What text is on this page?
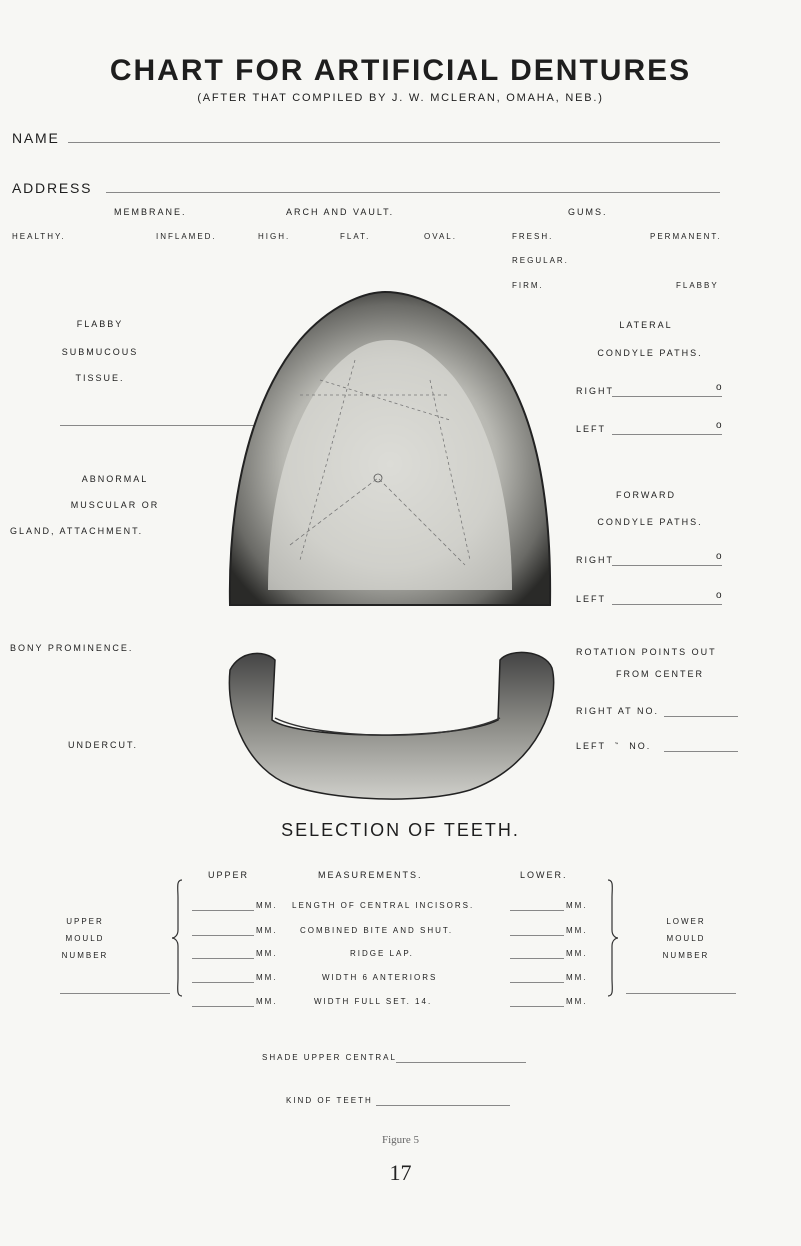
CHART FOR ARTIFICIAL DENTURES
(AFTER THAT COMPILED BY J. W. MCLERAN, OMAHA, NEB.)
NAME
ADDRESS
MEMBRANE.	ARCH AND VAULT.	GUMS.
HEALTHY.	INFLAMED.	HIGH.	FLAT.	OVAL.	FRESH.	PERMANENT.
REGULAR.
FIRM.	FLABBY
FLABBY
SUBMUCOUS
TISSUE.
ABNORMAL
MUSCULAR OR
GLAND, ATTACHMENT.
BONY PROMINENCE.
UNDERCUT.
LATERAL
CONDYLE PATHS.
RIGHT	o
LEFT	o
FORWARD
CONDYLE PATHS.
RIGHT	o
LEFT	o
ROTATION POINTS OUT
FROM CENTER
RIGHT AT NO.
LEFT  ‶  NO.
SELECTION OF TEETH.
UPPER	MEASUREMENTS.	LOWER.
UPPER
MOULD
NUMBER
LOWER
MOULD
NUMBER
MM. LENGTH OF CENTRAL INCISORS.	MM.
MM.	COMBINED BITE AND SHUT.	MM.
MM.	RIDGE LAP.	MM.
MM.	WIDTH 6 ANTERIORS	MM.
MM.	WIDTH FULL SET. 14.	MM.
SHADE UPPER CENTRAL
KIND OF TEETH
Figure 5
17
